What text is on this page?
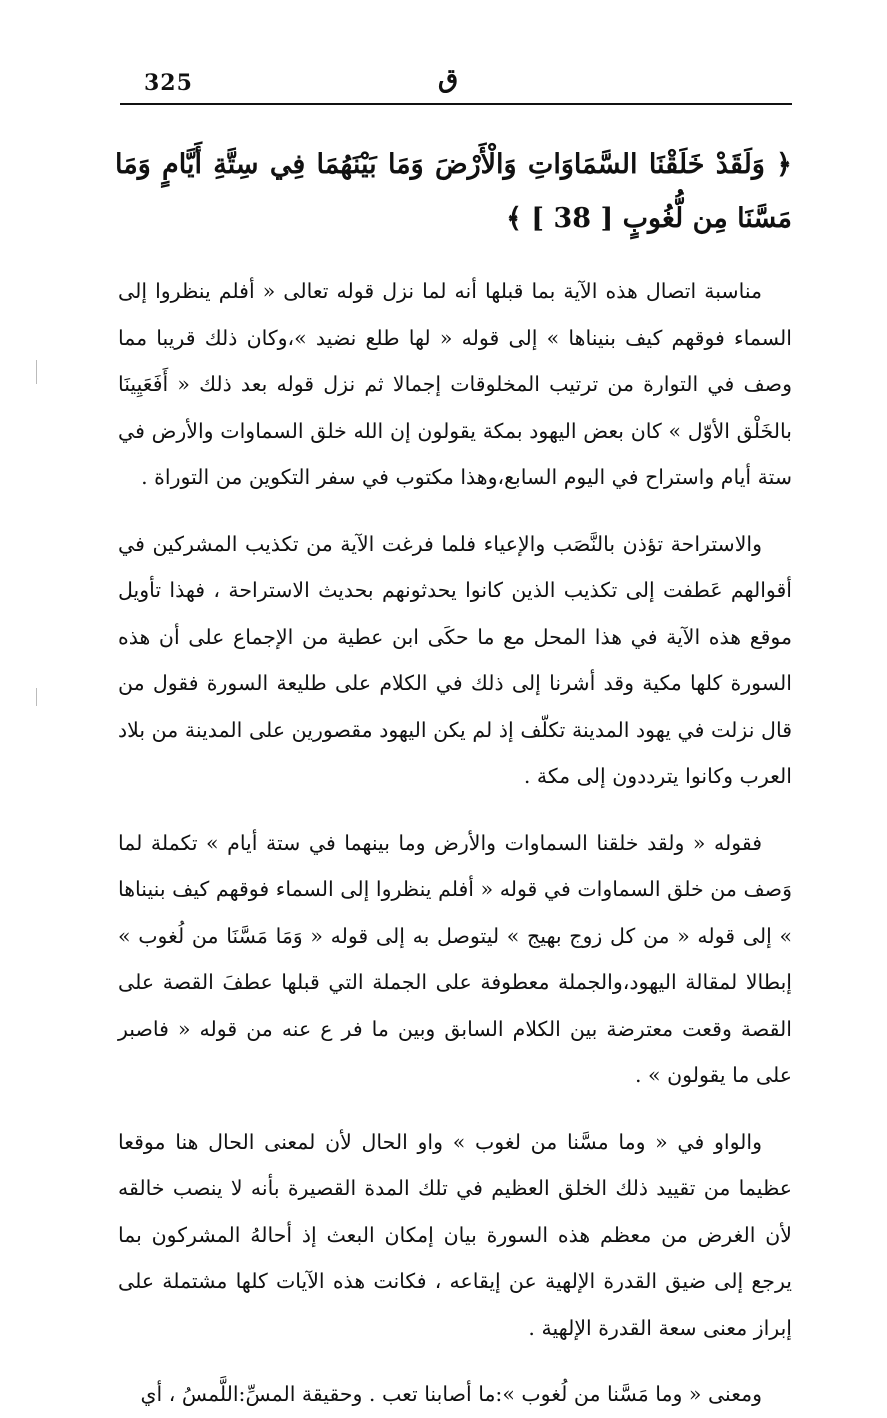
325	ق
﴿ وَلَقَدْ خَلَقْنَا السَّمَاوَاتِ وَالْأَرْضَ وَمَا بَيْنَهُمَا فِي سِتَّةِ أَيَّامٍ وَمَا مَسَّنَا مِن لُّغُوبٍ [ 38 ] ﴾

مناسبة اتصال هذه الآية بما قبلها أنه لما نزل قوله تعالى « أفلم ينظروا إلى السماء فوقهم كيف بنيناها » إلى قوله « لها طلع نضيد »،وكان ذلك قريبا مما وصف في التوارة من ترتيب المخلوقات إجمالا ثم نزل قوله بعد ذلك « أَفَعَيِينَا بالخَلْق الأوّل » كان بعض اليهود بمكة يقولون إن الله خلق السماوات والأرض في ستة أيام واستراح في اليوم السابع،وهذا مكتوب في سفر التكوين من التوراة .

والاستراحة تؤذن بالنَّصَب والإعياء فلما فرغت الآية من تكذيب المشركين في أقوالهم عَطفت إلى تكذيب الذين كانوا يحدثونهم بحديث الاستراحة ، فهذا تأويل موقع هذه الآية في هذا المحل مع ما حكَى ابن عطية من الإجماع على أن هذه السورة كلها مكية وقد أشرنا إلى ذلك في الكلام على طليعة السورة فقول من قال نزلت في يهود المدينة تكلّف إذ لم يكن اليهود مقصورين على المدينة من بلاد العرب وكانوا يترددون إلى مكة .

فقوله « ولقد خلقنا السماوات والأرض وما بينهما في ستة أيام » تكملة لما وَصف من خلق السماوات في قوله « أفلم ينظروا إلى السماء فوقهم كيف بنيناها » إلى قوله « من كل زوج بهيج » ليتوصل به إلى قوله « وَمَا مَسَّنَا من لُغوب » إبطالا لمقالة اليهود،والجملة معطوفة على الجملة التي قبلها عطفَ القصة على القصة وقعت معترضة بين الكلام السابق وبين ما فر ع عنه من قوله « فاصبر على ما يقولون » .

والواو في « وما مسَّنا من لغوب » واو الحال لأن لمعنى الحال هنا موقعا عظيما من تقييد ذلك الخلق العظيم في تلك المدة القصيرة بأنه لا ينصب خالقه لأن الغرض من معظم هذه السورة بيان إمكان البعث إذ أحالهُ المشركون بما يرجع إلى ضيق القدرة الإلهية عن إيقاعه ، فكانت هذه الآيات كلها مشتملة على إبراز معنى سعة القدرة الإلهية .

ومعنى « وما مَسَّنا من لُغوب »:ما أصابنا تعب . وحقيقة المسِّ:اللَّمسُ ، أي
